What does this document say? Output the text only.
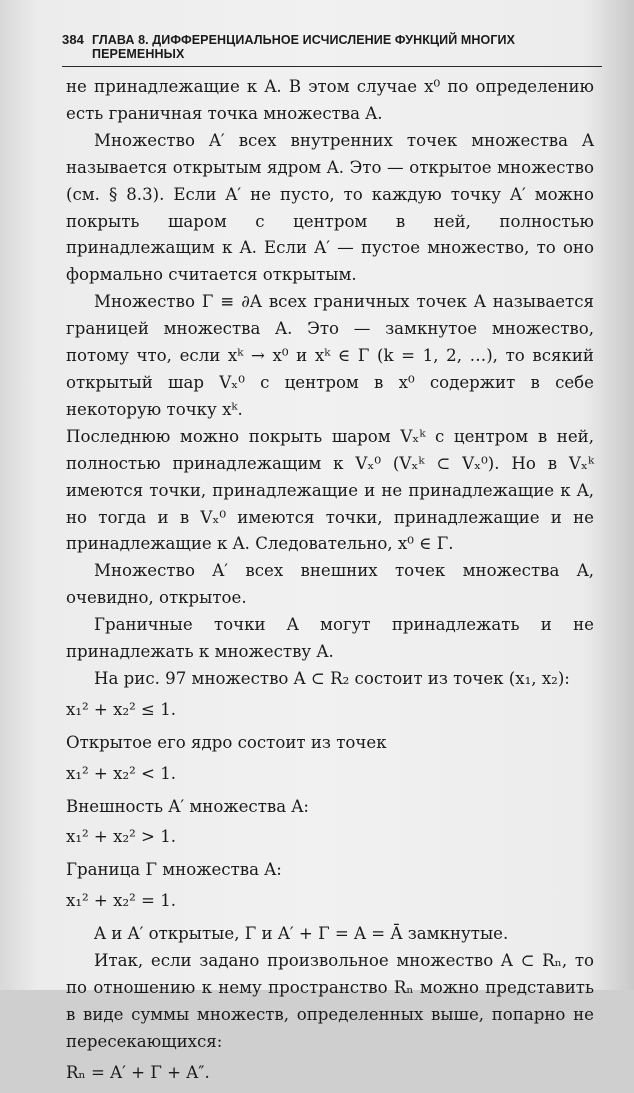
384 ГЛАВА 8. ДИФФЕРЕНЦИАЛЬНОЕ ИСЧИСЛЕНИЕ ФУНКЦИЙ МНОГИХ ПЕРЕМЕННЫХ

не принадлежащие к A. В этом случае x⁰ по определению есть граничная точка множества A.

Множество A′ всех внутренних точек множества A называется открытым ядром A. Это — открытое множество (см. § 8.3). Если A′ не пусто, то каждую точку A′ можно покрыть шаром с центром в ней, полностью принадлежащим к A. Если A′ — пустое множество, то оно формально считается открытым.

Множество Γ ≡ ∂A всех граничных точек A называется границей множества A. Это — замкнутое множество, потому что, если xᵏ → x⁰ и xᵏ ∈ Γ (k = 1, 2, …), то всякий открытый шар Vₓ⁰ с центром в x⁰ содержит в себе некоторую точку xᵏ.

Последнюю можно покрыть шаром Vₓᵏ с центром в ней, полностью принадлежащим к Vₓ⁰ (Vₓᵏ ⊂ Vₓ⁰). Но в Vₓᵏ имеются точки, принадлежащие и не принадлежащие к A, но тогда и в Vₓ⁰ имеются точки, принадлежащие и не принадлежащие к A. Следовательно, x⁰ ∈ Γ.

Множество A′ всех внешних точек множества A, очевидно, открытое.

Граничные точки A могут принадлежать и не принадлежать к множеству A.

На рис. 97 множество A ⊂ R₂ состоит из точек (x₁, x₂):

x₁² + x₂² ≤ 1.

Открытое его ядро состоит из точек

x₁² + x₂² < 1.

Внешность A′ множества A:

x₁² + x₂² > 1.

Граница Γ множества A:

x₁² + x₂² = 1.

A и A′ открытые, Γ и A′ + Γ = A = Ā замкнутые.

Итак, если задано произвольное множество A ⊂ Rₙ, то по отношению к нему пространство Rₙ можно представить в виде суммы множеств, определенных выше, попарно не пересекающихся:

Rₙ = A′ + Γ + A″.
